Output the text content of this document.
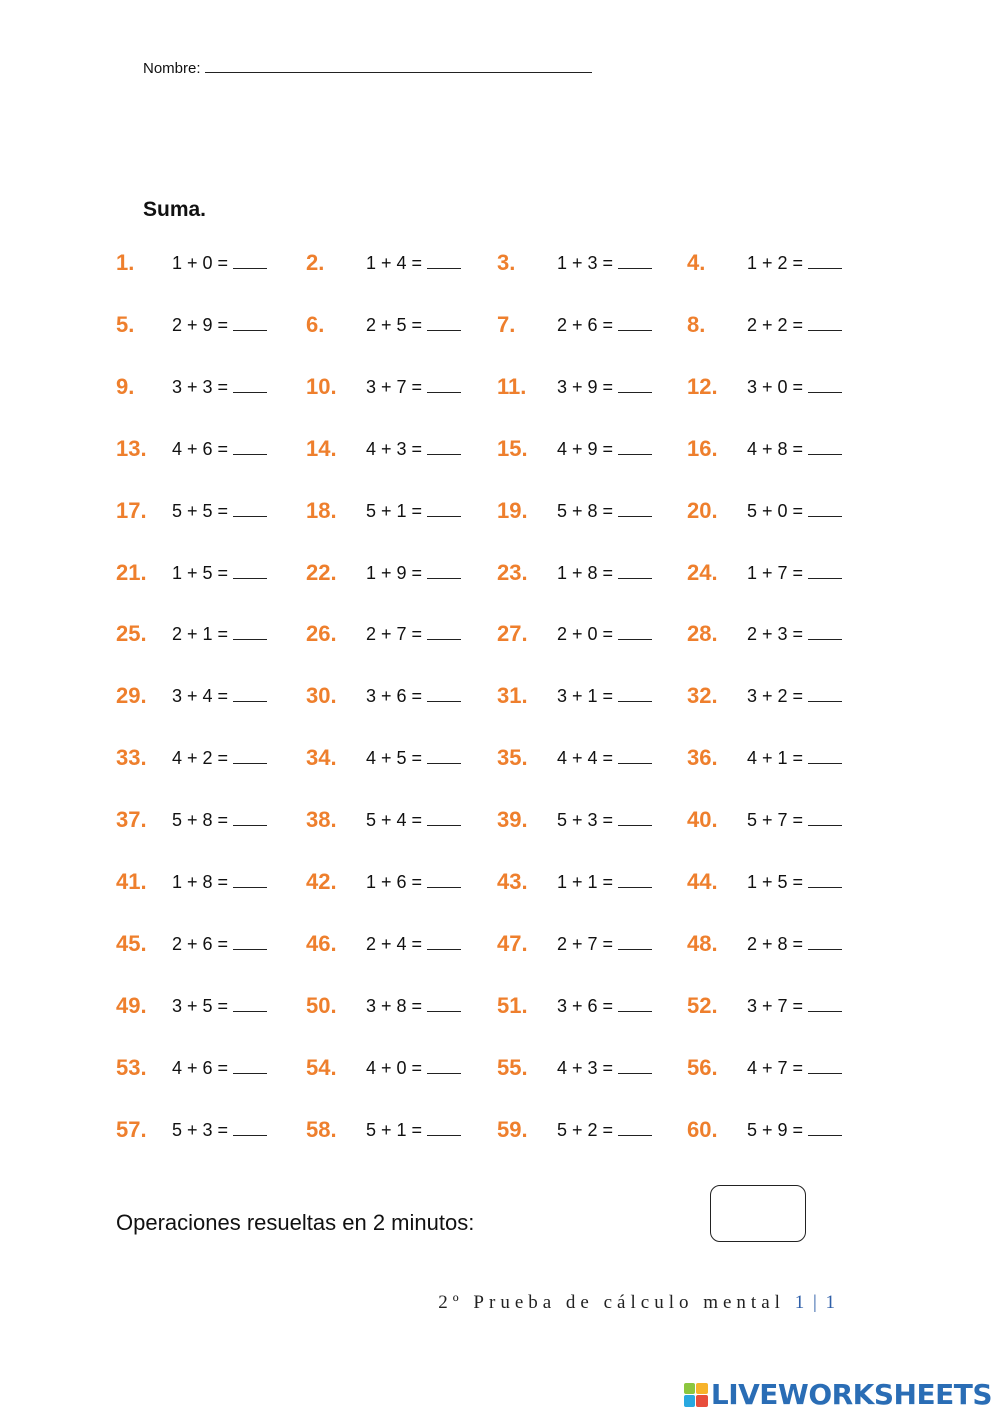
Nombre:
Suma.
1. 1 + 0 =	2. 1 + 4 =	3. 1 + 3 =	4. 1 + 2 =
5. 2 + 9 =	6. 2 + 5 =	7. 2 + 6 =	8. 2 + 2 =
9. 3 + 3 =	10. 3 + 7 =	11. 3 + 9 =	12. 3 + 0 =
13. 4 + 6 =	14. 4 + 3 =	15. 4 + 9 =	16. 4 + 8 =
17. 5 + 5 =	18. 5 + 1 =	19. 5 + 8 =	20. 5 + 0 =
21. 1 + 5 =	22. 1 + 9 =	23. 1 + 8 =	24. 1 + 7 =
25. 2 + 1 =	26. 2 + 7 =	27. 2 + 0 =	28. 2 + 3 =
29. 3 + 4 =	30. 3 + 6 =	31. 3 + 1 =	32. 3 + 2 =
33. 4 + 2 =	34. 4 + 5 =	35. 4 + 4 =	36. 4 + 1 =
37. 5 + 8 =	38. 5 + 4 =	39. 5 + 3 =	40. 5 + 7 =
41. 1 + 8 =	42. 1 + 6 =	43. 1 + 1 =	44. 1 + 5 =
45. 2 + 6 =	46. 2 + 4 =	47. 2 + 7 =	48. 2 + 8 =
49. 3 + 5 =	50. 3 + 8 =	51. 3 + 6 =	52. 3 + 7 =
53. 4 + 6 =	54. 4 + 0 =	55. 4 + 3 =	56. 4 + 7 =
57. 5 + 3 =	58. 5 + 1 =	59. 5 + 2 =	60. 5 + 9 =
Operaciones resueltas en 2 minutos:
2º Prueba de cálculo mental 1 | 1
LIVEWORKSHEETS
